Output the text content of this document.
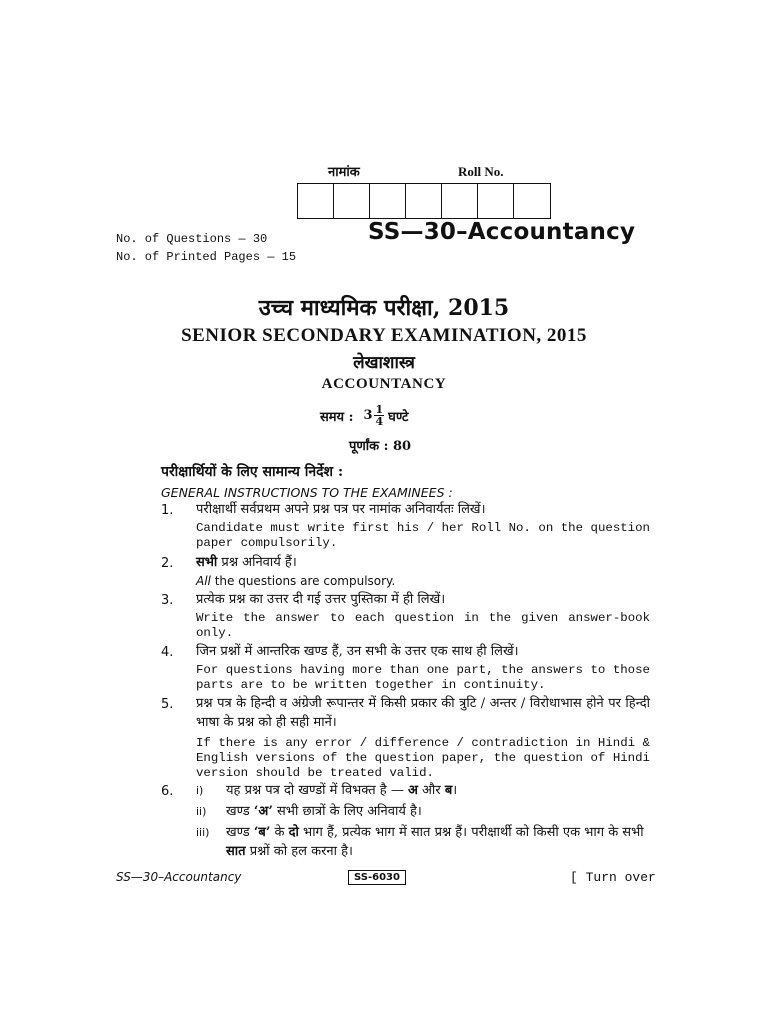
नामांक	Roll No.
No. of Questions — 30
No. of Printed Pages — 15
SS—30–Accountancy
उच्च माध्यमिक परीक्षा, 2015
SENIOR SECONDARY EXAMINATION, 2015
लेखाशास्त्र
ACCOUNTANCY
समय : $3 \frac{1}{4}$ घण्टे
पूर्णांक : 80
परीक्षार्थियों के लिए सामान्य निर्देश :
GENERAL INSTRUCTIONS TO THE EXAMINEES :
1. परीक्षार्थी सर्वप्रथम अपने प्रश्न पत्र पर नामांक अनिवार्यतः लिखें।
Candidate must write first his / her Roll No. on the question paper compulsorily.
2. सभी प्रश्न अनिवार्य हैं।
All the questions are compulsory.
3. प्रत्येक प्रश्न का उत्तर दी गई उत्तर पुस्तिका में ही लिखें।
Write the answer to each question in the given answer-book only.
4. जिन प्रश्नों में आन्तरिक खण्ड हैं, उन सभी के उत्तर एक साथ ही लिखें।
For questions having more than one part, the answers to those parts are to be written together in continuity.
5. प्रश्न पत्र के हिन्दी व अंग्रेजी रूपान्तर में किसी प्रकार की त्रुटि / अन्तर / विरोधाभास होने पर हिन्दी भाषा के प्रश्न को ही सही मानें।
If there is any error / difference / contradiction in Hindi & English versions of the question paper, the question of Hindi version should be treated valid.
6. i) यह प्रश्न पत्र दो खण्डों में विभक्त है — अ और ब।
ii) खण्ड ‘अ’ सभी छात्रों के लिए अनिवार्य है।
iii) खण्ड ‘ब’ के दो भाग हैं, प्रत्येक भाग में सात प्रश्न हैं। परीक्षार्थी को किसी एक भाग के सभी सात प्रश्नों को हल करना है।
SS—30–Accountancy	SS-6030	[ Turn over
